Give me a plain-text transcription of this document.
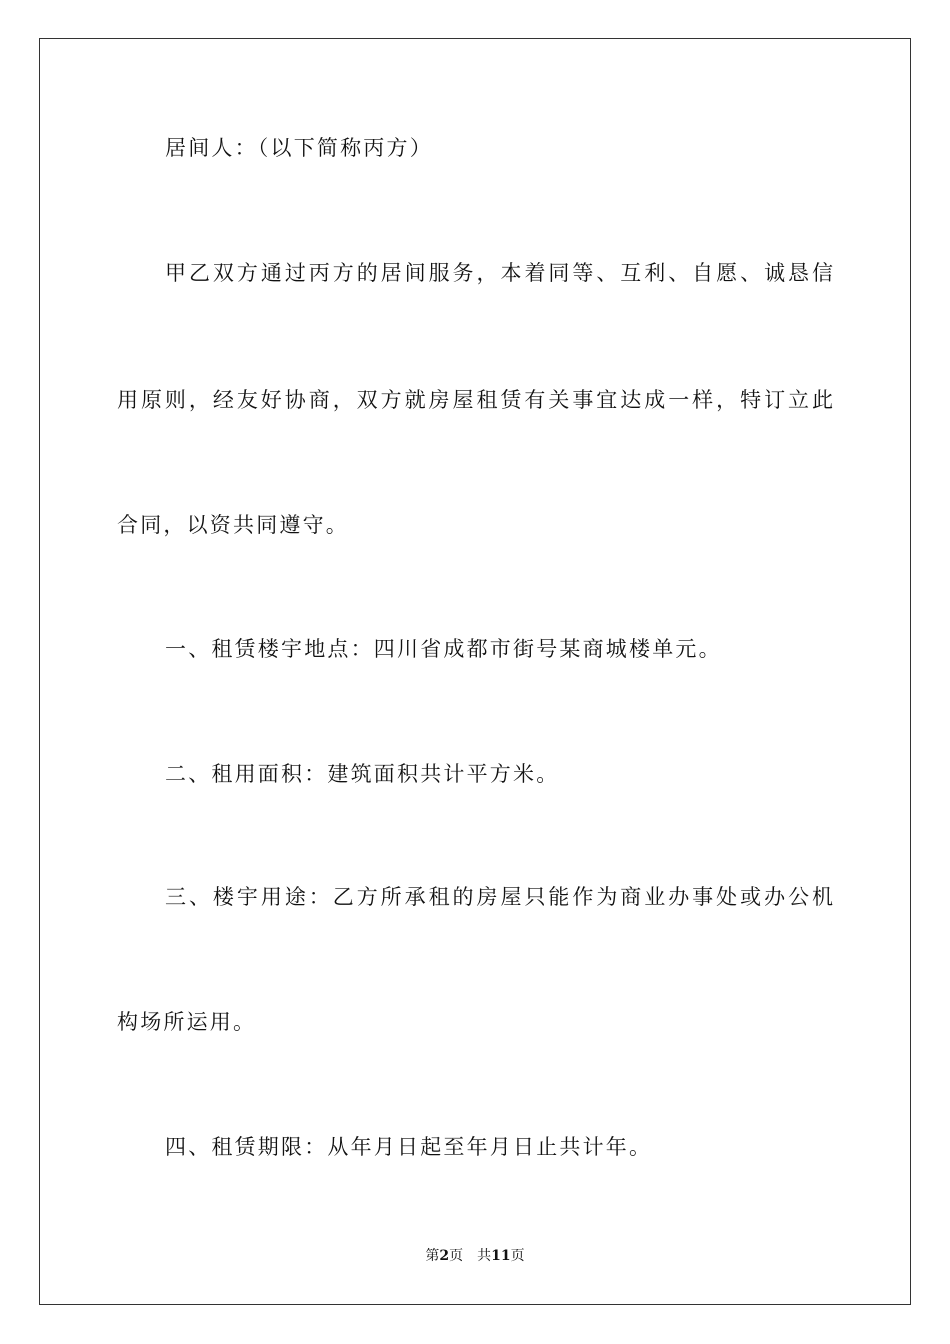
居间人：（以下简称丙方）
甲乙双方通过丙方的居间服务，本着同等、互利、自愿、诚恳信
用原则，经友好协商，双方就房屋租赁有关事宜达成一样，特订立此
合同，以资共同遵守。
一、租赁楼宇地点：四川省成都市街号某商城楼单元。
二、租用面积：建筑面积共计平方米。
三、楼宇用途：乙方所承租的房屋只能作为商业办事处或办公机
构场所运用。
四、租赁期限：从年月日起至年月日止共计年。
第2页 共11页
